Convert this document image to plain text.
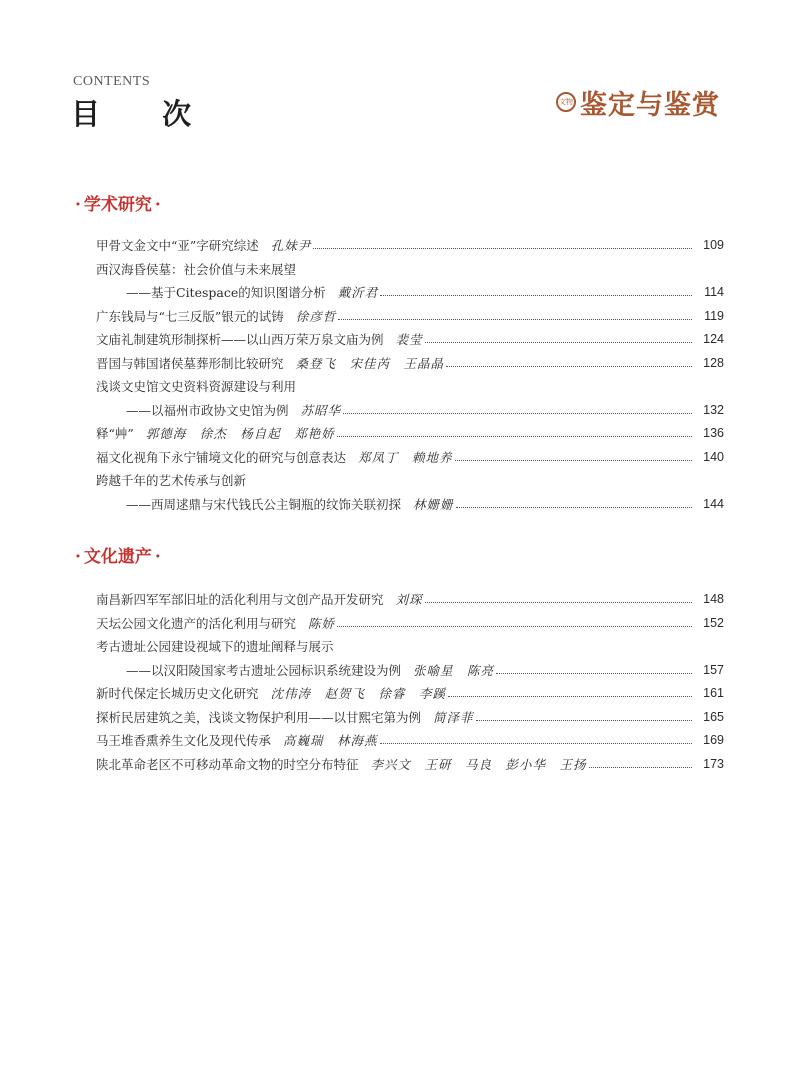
CONTENTS
目 次	文物 鉴定与鉴赏
· 学术研究 ·
甲骨文金文中“亚”字研究综述 孔妹尹	109
西汉海昏侯墓：社会价值与未来展望
——基于Citespace的知识图谱分析 戴沂君	114
广东钱局与“七三反版”银元的试铸 徐彦哲	119
文庙礼制建筑形制探析——以山西万荣万泉文庙为例 裴莹	124
晋国与韩国诸侯墓葬形制比较研究 桑登飞　宋佳芮　王晶晶	128
浅谈文史馆文史资料资源建设与利用
——以福州市政协文史馆为例 苏昭华	132
释“艸” 郭德海　徐杰　杨自起　郑艳娇	136
福文化视角下永宁铺境文化的研究与创意表达 郑凤丁　赖地养	140
跨越千年的艺术传承与创新
——西周逑鼎与宋代钱氏公主铜瓶的纹饰关联初探 林姗姗	144
· 文化遗产 ·
南昌新四军军部旧址的活化利用与文创产品开发研究 刘琛	148
天坛公园文化遗产的活化利用与研究 陈娇	152
考古遗址公园建设视域下的遗址阐释与展示
——以汉阳陵国家考古遗址公园标识系统建设为例 张喻星　陈亮	157
新时代保定长城历史文化研究 沈伟涛　赵贺飞　徐睿　李蹊	161
探析民居建筑之美，浅谈文物保护利用——以甘熙宅第为例 简泽菲	165
马王堆香熏养生文化及现代传承 高巍瑞　林海燕	169
陕北革命老区不可移动革命文物的时空分布特征 李兴文　王研　马良　彭小华　王扬	173
